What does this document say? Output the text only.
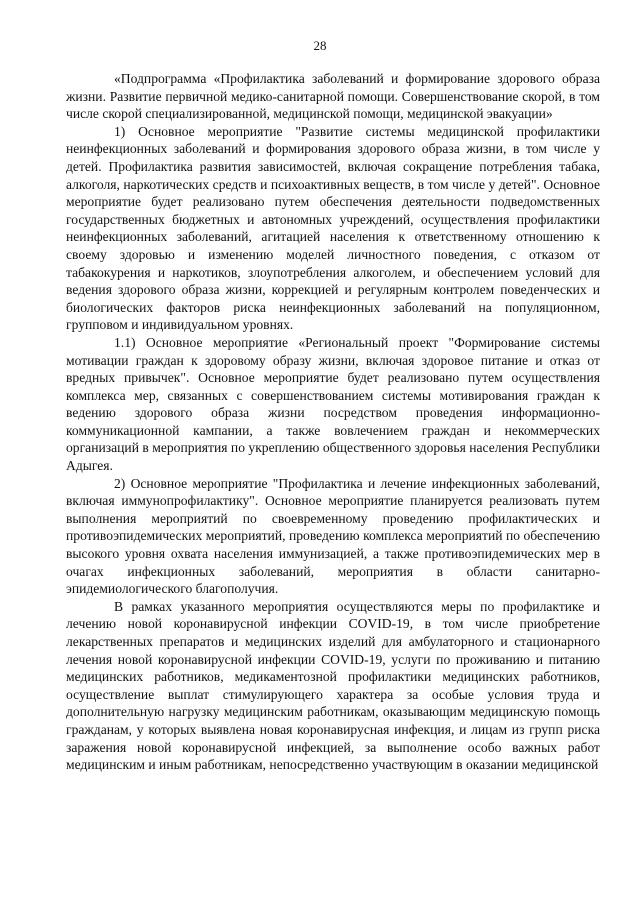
28

«Подпрограмма «Профилактика заболеваний и формирование здорового образа жизни. Развитие первичной медико-санитарной помощи. Совершенствование скорой, в том числе скорой специализированной, медицинской помощи, медицинской эвакуации»

1) Основное мероприятие "Развитие системы медицинской профилактики неинфекционных заболеваний и формирования здорового образа жизни, в том числе у детей. Профилактика развития зависимостей, включая сокращение потребления табака, алкоголя, наркотических средств и психоактивных веществ, в том числе у детей". Основное мероприятие будет реализовано путем обеспечения деятельности подведомственных государственных бюджетных и автономных учреждений, осуществления профилактики неинфекционных заболеваний, агитацией населения к ответственному отношению к своему здоровью и изменению моделей личностного поведения, с отказом от табакокурения и наркотиков, злоупотребления алкоголем, и обеспечением условий для ведения здорового образа жизни, коррекцией и регулярным контролем поведенческих и биологических факторов риска неинфекционных заболеваний на популяционном, групповом и индивидуальном уровнях.

1.1) Основное мероприятие «Региональный проект "Формирование системы мотивации граждан к здоровому образу жизни, включая здоровое питание и отказ от вредных привычек". Основное мероприятие будет реализовано путем осуществления комплекса мер, связанных с совершенствованием системы мотивирования граждан к ведению здорового образа жизни посредством проведения информационно-коммуникационной кампании, а также вовлечением граждан и некоммерческих организаций в мероприятия по укреплению общественного здоровья населения Республики Адыгея.

2) Основное мероприятие "Профилактика и лечение инфекционных заболеваний, включая иммунопрофилактику". Основное мероприятие планируется реализовать путем выполнения мероприятий по своевременному проведению профилактических и противоэпидемических мероприятий, проведению комплекса мероприятий по обеспечению высокого уровня охвата населения иммунизацией, а также противоэпидемических мер в очагах инфекционных заболеваний, мероприятия в области санитарно-эпидемиологического благополучия.

В рамках указанного мероприятия осуществляются меры по профилактике и лечению новой коронавирусной инфекции COVID-19, в том числе приобретение лекарственных препаратов и медицинских изделий для амбулаторного и стационарного лечения новой коронавирусной инфекции COVID-19, услуги по проживанию и питанию медицинских работников, медикаментозной профилактики медицинских работников, осуществление выплат стимулирующего характера за особые условия труда и дополнительную нагрузку медицинским работникам, оказывающим медицинскую помощь гражданам, у которых выявлена новая коронавирусная инфекция, и лицам из групп риска заражения новой коронавирусной инфекцией, за выполнение особо важных работ медицинским и иным работникам, непосредственно участвующим в оказании медицинской
